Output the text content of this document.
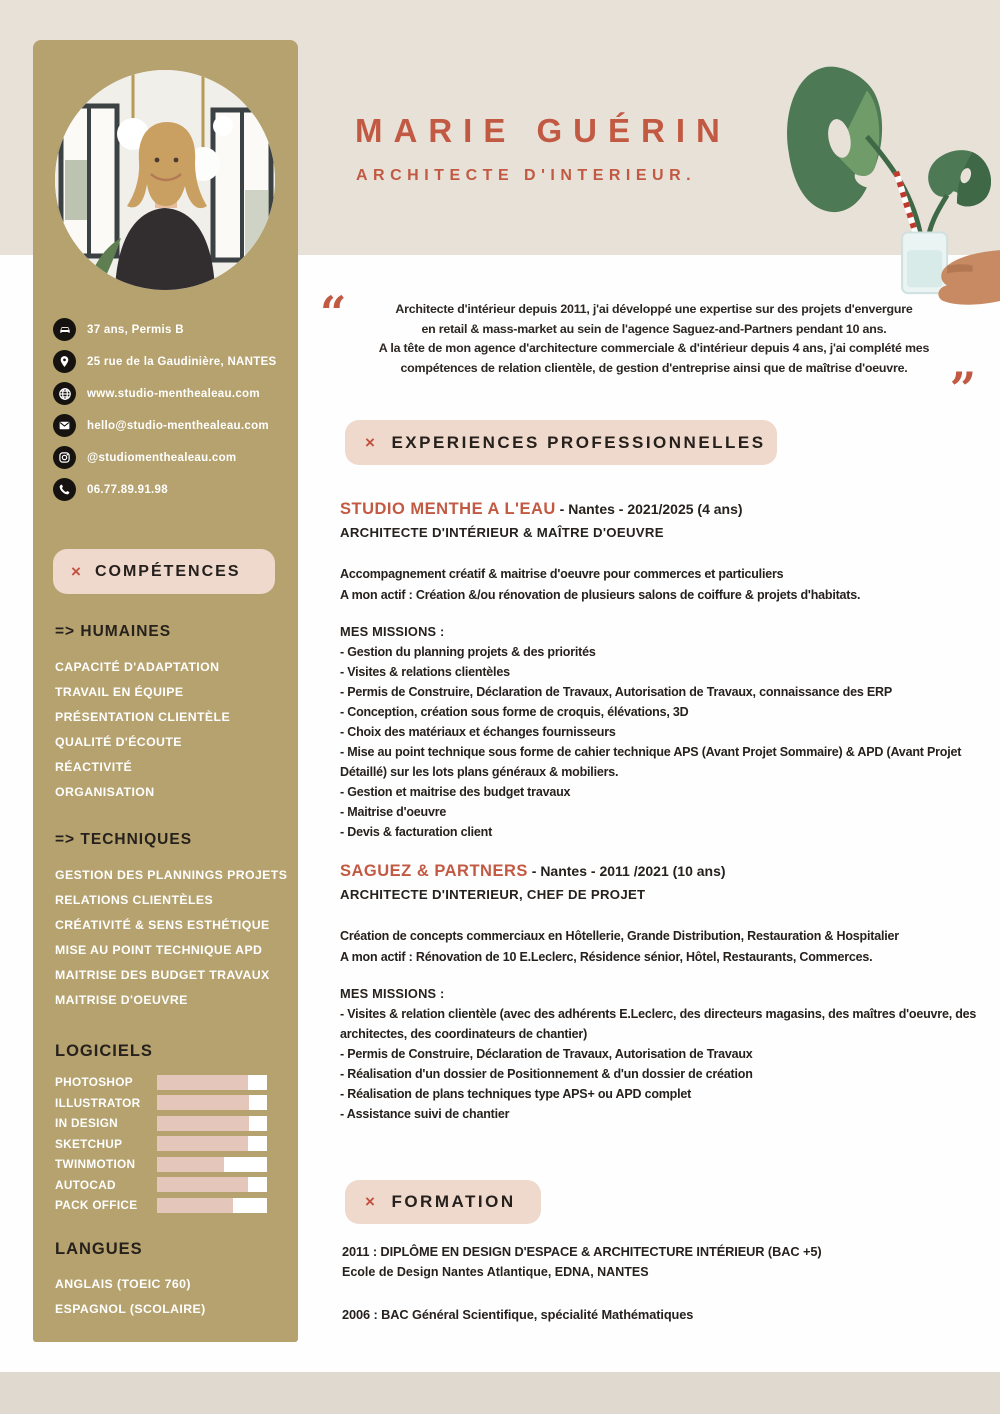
37 ans, Permis B
25 rue de la Gaudinière, NANTES
www.studio-menthealeau.com
hello@studio-menthealeau.com
@studiomenthealeau.com
06.77.89.91.98
× COMPÉTENCES
=> HUMAINES
CAPACITÉ D'ADAPTATION
TRAVAIL EN ÉQUIPE
PRÉSENTATION CLIENTÈLE
QUALITÉ D'ÉCOUTE
RÉACTIVITÉ
ORGANISATION
=> TECHNIQUES
GESTION DES PLANNINGS PROJETS
RELATIONS CLIENTÈLES
CRÉATIVITÉ & SENS ESTHÉTIQUE
MISE AU POINT TECHNIQUE APD
MAITRISE DES BUDGET TRAVAUX
MAITRISE D'OEUVRE
LOGICIELS
PHOTOSHOP
ILLUSTRATOR
IN DESIGN
SKETCHUP
TWINMOTION
AUTOCAD
PACK OFFICE
LANGUES
ANGLAIS (TOEIC 760)
ESPAGNOL (SCOLAIRE)
MARIE GUÉRIN
ARCHITECTE D'INTERIEUR.
“	Architecte d'intérieur depuis 2011, j'ai développé une expertise sur des projets d'envergure
en retail & mass-market au sein de l'agence Saguez-and-Partners pendant 10 ans.
A la tête de mon agence d'architecture commerciale & d'intérieur depuis 4 ans, j'ai complété mes
compétences de relation clientèle, de gestion d'entreprise ainsi que de maîtrise d'oeuvre. ”
× EXPERIENCES PROFESSIONNELLES
STUDIO MENTHE A L'EAU - Nantes - 2021/2025 (4 ans)
ARCHITECTE D'INTÉRIEUR & MAÎTRE D'OEUVRE
Accompagnement créatif & maitrise d'oeuvre pour commerces et particuliers
A mon actif : Création &/ou rénovation de plusieurs salons de coiffure & projets d'habitats.
MES MISSIONS :
- Gestion du planning projets & des priorités
- Visites & relations clientèles
- Permis de Construire, Déclaration de Travaux, Autorisation de Travaux, connaissance des ERP
- Conception, création sous forme de croquis, élévations, 3D
- Choix des matériaux et échanges fournisseurs
- Mise au point technique sous forme de cahier technique APS (Avant Projet Sommaire) & APD (Avant Projet Détaillé) sur les lots plans généraux & mobiliers.
- Gestion et maitrise des budget travaux
- Maitrise d'oeuvre
- Devis & facturation client
SAGUEZ & PARTNERS - Nantes - 2011 /2021 (10 ans)
ARCHITECTE D'INTERIEUR, CHEF DE PROJET
Création de concepts commerciaux en Hôtellerie, Grande Distribution, Restauration & Hospitalier
A mon actif : Rénovation de 10 E.Leclerc, Résidence sénior, Hôtel, Restaurants, Commerces.
MES MISSIONS :
- Visites & relation clientèle (avec des adhérents E.Leclerc, des directeurs magasins, des maîtres d'oeuvre, des architectes, des coordinateurs de chantier)
- Permis de Construire, Déclaration de Travaux, Autorisation de Travaux
- Réalisation d'un dossier de Positionnement & d'un dossier de création
- Réalisation de plans techniques type APS+ ou APD complet
- Assistance suivi de chantier
× FORMATION
2011 : DIPLÔME EN DESIGN D'ESPACE & ARCHITECTURE INTÉRIEUR (BAC +5)
Ecole de Design Nantes Atlantique, EDNA, NANTES
2006 : BAC Général Scientifique, spécialité Mathématiques
